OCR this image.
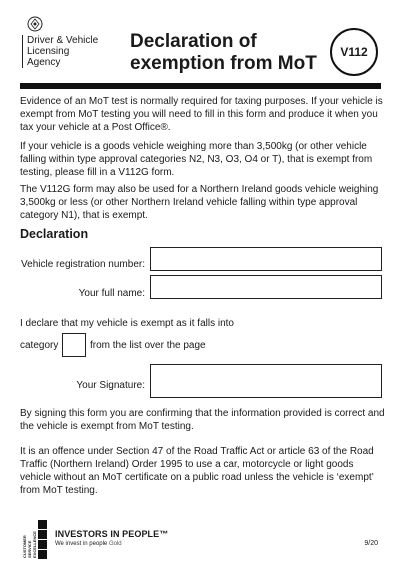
Driver & Vehicle
Licensing
Agency
Declaration of
exemption from MoT
V112
Evidence of an MoT test is normally required for taxing purposes. If your vehicle is exempt from MoT testing you will need to fill in this form and produce it when you tax your vehicle at a Post Office®.
If your vehicle is a goods vehicle weighing more than 3,500kg (or other vehicle falling within type approval categories N2, N3, O3, O4 or T), that is exempt from testing, please fill in a V112G form.
The V112G form may also be used for a Northern Ireland goods vehicle weighing 3,500kg or less (or other Northern Ireland vehicle falling within type approval category N1), that is exempt.
Declaration
Vehicle registration number:
Your full name:
I declare that my vehicle is exempt as it falls into
category	from the list over the page
Your Signature:
By signing this form you are confirming that the information provided is correct and the vehicle is exempt from MoT testing.
It is an offence under Section 47 of the Road Traffic Act or article 63 of the Road Traffic (Northern Ireland) Order 1995 to use a car, motorcycle or light goods vehicle without an MoT certificate on a public road unless the vehicle is ‘exempt’ from MoT testing.
CUSTOMER SERVICE EXCELLENCE INVESTORS IN PEOPLE™
We invest in people Gold	9/20
